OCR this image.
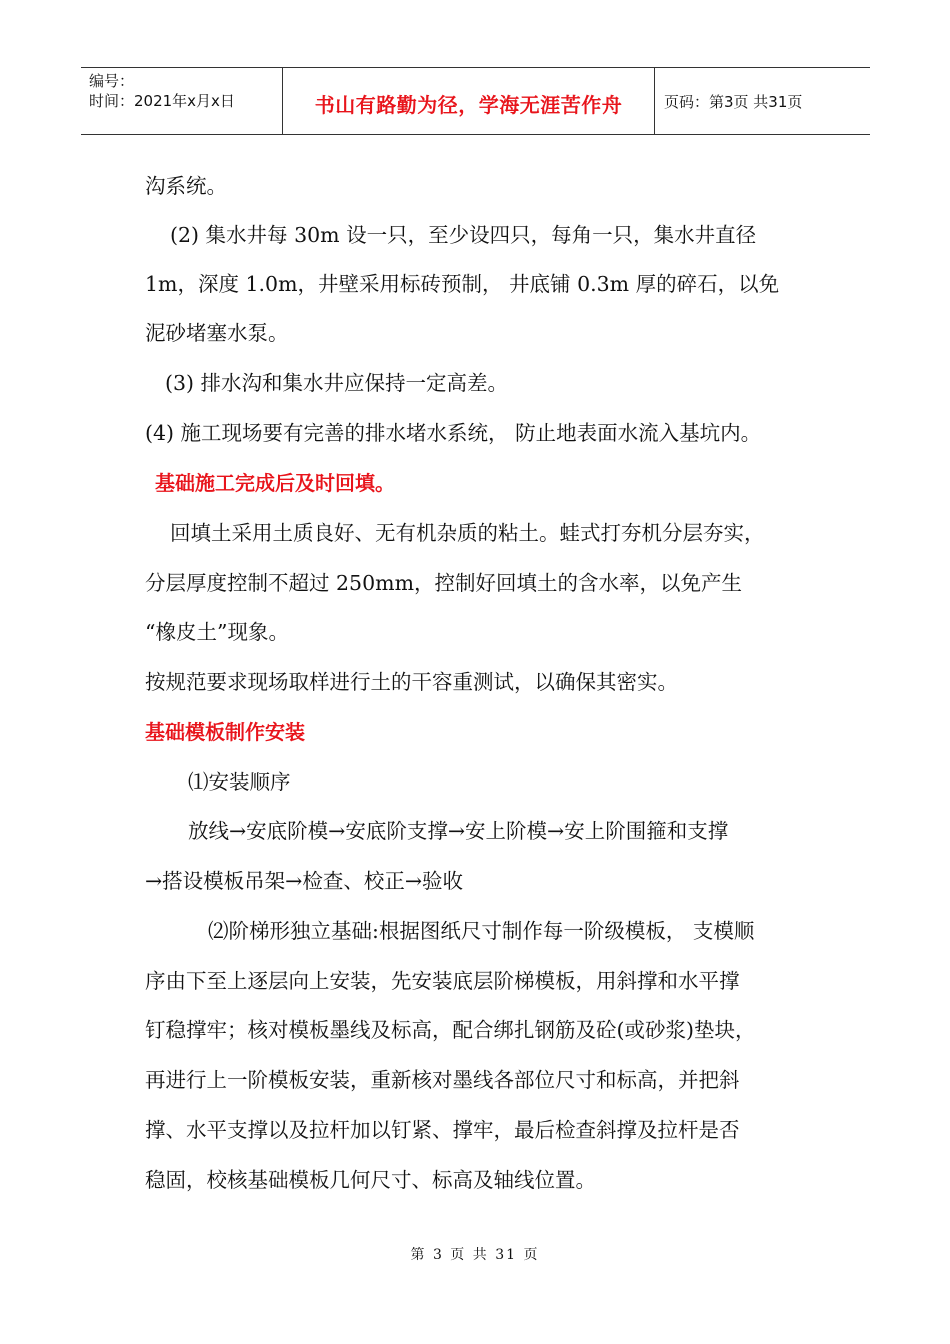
编号：
时间：2021年x月x日	书山有路勤为径，学海无涯苦作舟	页码：第3页 共31页
沟系统。
(2) 集水井每 30m 设一只，至少设四只，每角一只，集水井直径
1m，深度 1.0m，井壁采用标砖预制， 井底铺 0.3m 厚的碎石，以免
泥砂堵塞水泵。
(3) 排水沟和集水井应保持一定高差。
(4) 施工现场要有完善的排水堵水系统， 防止地表面水流入基坑内。
基础施工完成后及时回填。
回填土采用土质良好、无有机杂质的粘土。蛙式打夯机分层夯实，
分层厚度控制不超过 250mm，控制好回填土的含水率，以免产生
“橡皮土”现象。
按规范要求现场取样进行土的干容重测试，以确保其密实。
基础模板制作安装
⑴安装顺序
放线→安底阶模→安底阶支撑→安上阶模→安上阶围箍和支撑
→搭设模板吊架→检查、校正→验收
⑵阶梯形独立基础:根据图纸尺寸制作每一阶级模板， 支模顺
序由下至上逐层向上安装，先安装底层阶梯模板，用斜撑和水平撑
钉稳撑牢；核对模板墨线及标高，配合绑扎钢筋及砼(或砂浆)垫块，
再进行上一阶模板安装，重新核对墨线各部位尺寸和标高，并把斜
撑、水平支撑以及拉杆加以钉紧、撑牢，最后检查斜撑及拉杆是否
稳固，校核基础模板几何尺寸、标高及轴线位置。
第 3 页 共 31 页
